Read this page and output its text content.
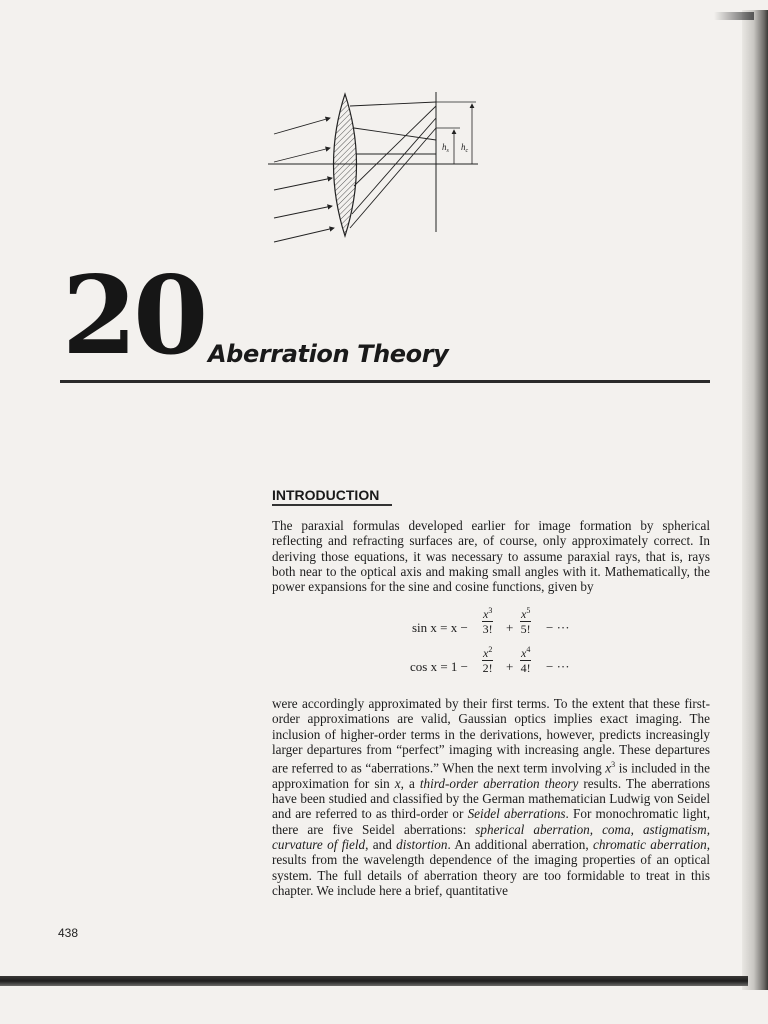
$h_s$ $h_c$
20 Aberration Theory
INTRODUCTION

The paraxial formulas developed earlier for image formation by spherical reflecting and refracting surfaces are, of course, only approximately correct. In deriving those equations, it was necessary to assume paraxial rays, that is, rays both near to the optical axis and making small angles with it. Mathematically, the power expansions for the sine and cosine functions, given by

$\sin x = x - \frac{x^3}{3!} + \frac{x^5}{5!}$ − ···
$\cos x = 1 - \frac{x^2}{2!} + \frac{x^4}{4!}$ − ···

were accordingly approximated by their first terms. To the extent that these first-order approximations are valid, Gaussian optics implies exact imaging. The inclusion of higher-order terms in the derivations, however, predicts increasingly larger departures from “perfect” imaging with increasing angle. These departures are referred to as “aberrations.” When the next term involving $x^3$ is included in the approximation for sin x, a third-order aberration theory results. The aberrations have been studied and classified by the German mathematician Ludwig von Seidel and are referred to as third-order or Seidel aberrations. For monochromatic light, there are five Seidel aberrations: spherical aberration, coma, astigmatism, curvature of field, and distortion. An additional aberration, chromatic aberration, results from the wavelength dependence of the imaging properties of an optical system. The full details of aberration theory are too formidable to treat in this chapter. We include here a brief, quantitative

438
